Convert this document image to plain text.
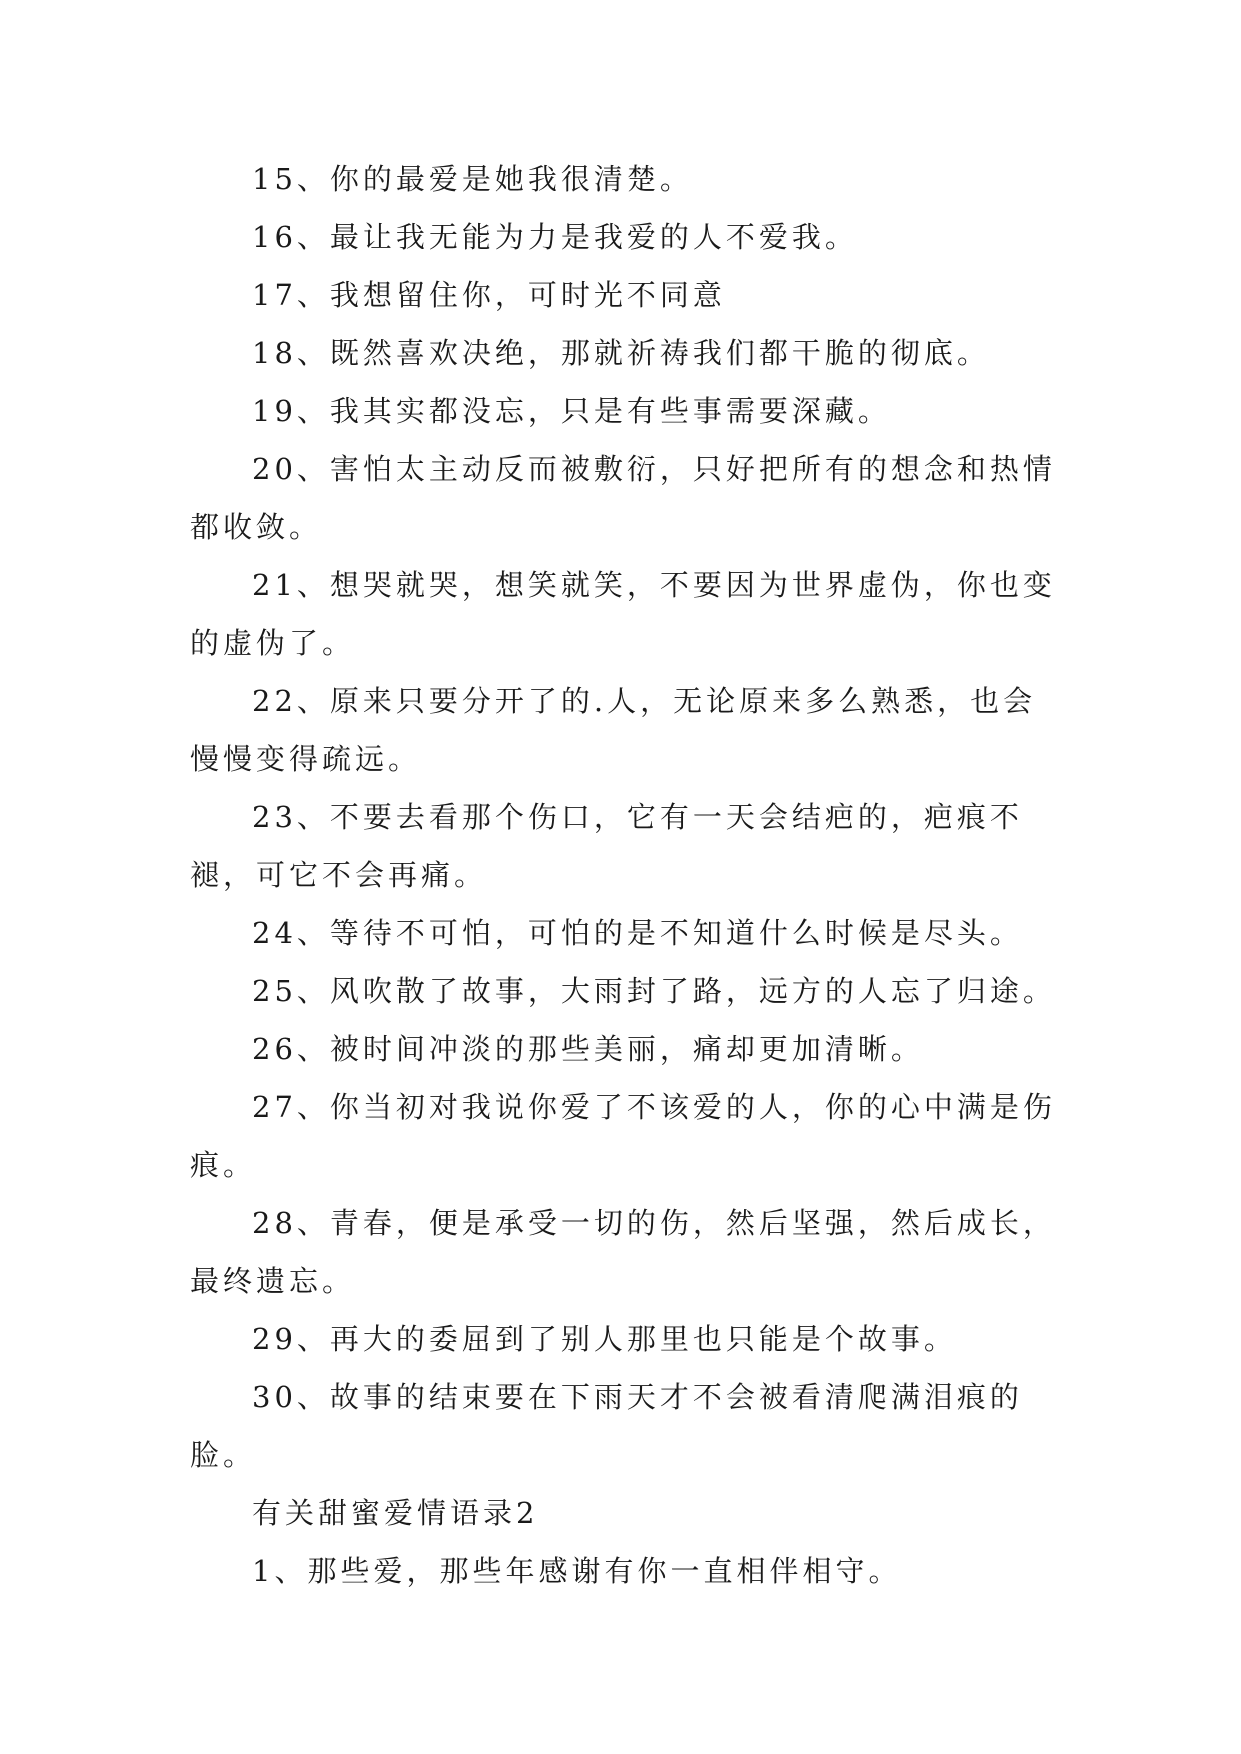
15、你的最爱是她我很清楚。

16、最让我无能为力是我爱的人不爱我。

17、我想留住你，可时光不同意

18、既然喜欢决绝，那就祈祷我们都干脆的彻底。

19、我其实都没忘，只是有些事需要深藏。

20、害怕太主动反而被敷衍，只好把所有的想念和热情都收敛。

21、想哭就哭，想笑就笑，不要因为世界虚伪，你也变的虚伪了。

22、原来只要分开了的.人，无论原来多么熟悉，也会慢慢变得疏远。

23、不要去看那个伤口，它有一天会结疤的，疤痕不褪，可它不会再痛。

24、等待不可怕，可怕的是不知道什么时候是尽头。

25、风吹散了故事，大雨封了路，远方的人忘了归途。

26、被时间冲淡的那些美丽，痛却更加清晰。

27、你当初对我说你爱了不该爱的人，你的心中满是伤痕。

28、青春，便是承受一切的伤，然后坚强，然后成长，最终遗忘。

29、再大的委屈到了别人那里也只能是个故事。

30、故事的结束要在下雨天才不会被看清爬满泪痕的脸。

有关甜蜜爱情语录2

1、那些爱，那些年感谢有你一直相伴相守。
